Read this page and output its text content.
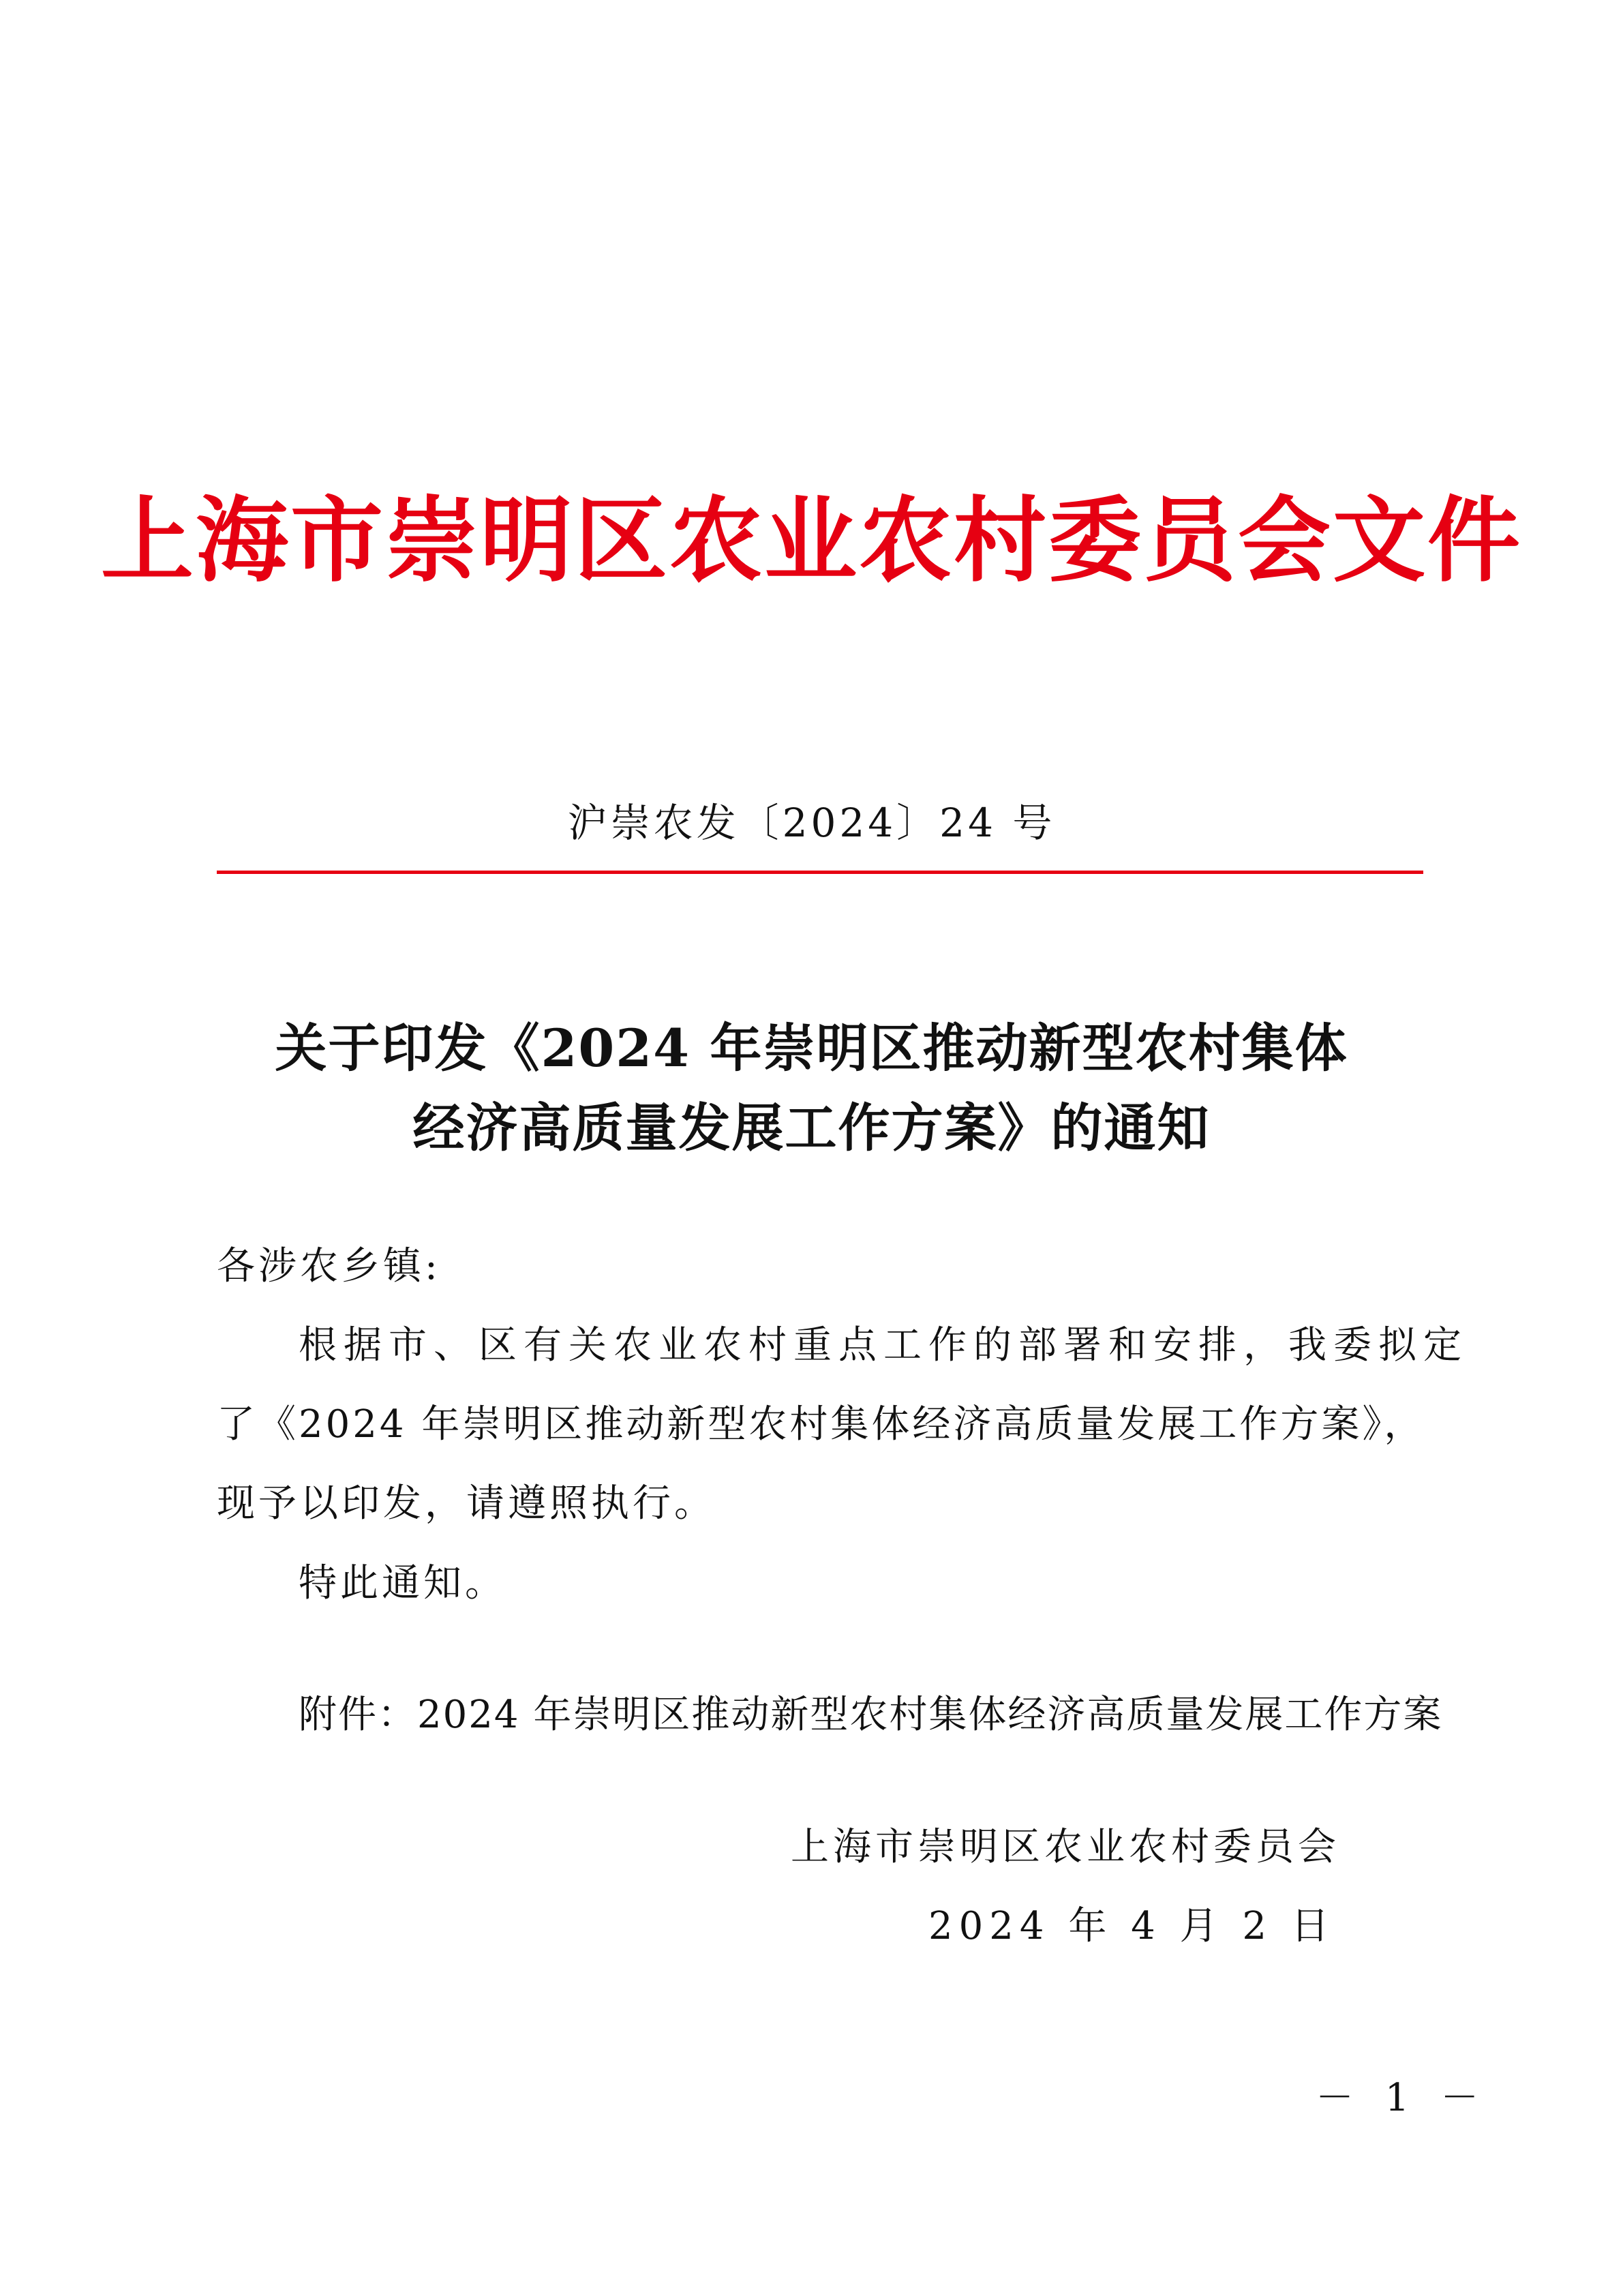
上海市崇明区农业农村委员会文件
沪崇农发〔2024〕24 号
关于印发《2024 年崇明区推动新型农村集体
经济高质量发展工作方案》的通知
各涉农乡镇:
根据市、区有关农业农村重点工作的部署和安排，我委拟定
了《2024 年崇明区推动新型农村集体经济高质量发展工作方案》，
现予以印发，请遵照执行。
特此通知。
附件：2024 年崇明区推动新型农村集体经济高质量发展工作方案
上海市崇明区农业农村委员会
2024 年 4 月 2 日
－ 1 －
